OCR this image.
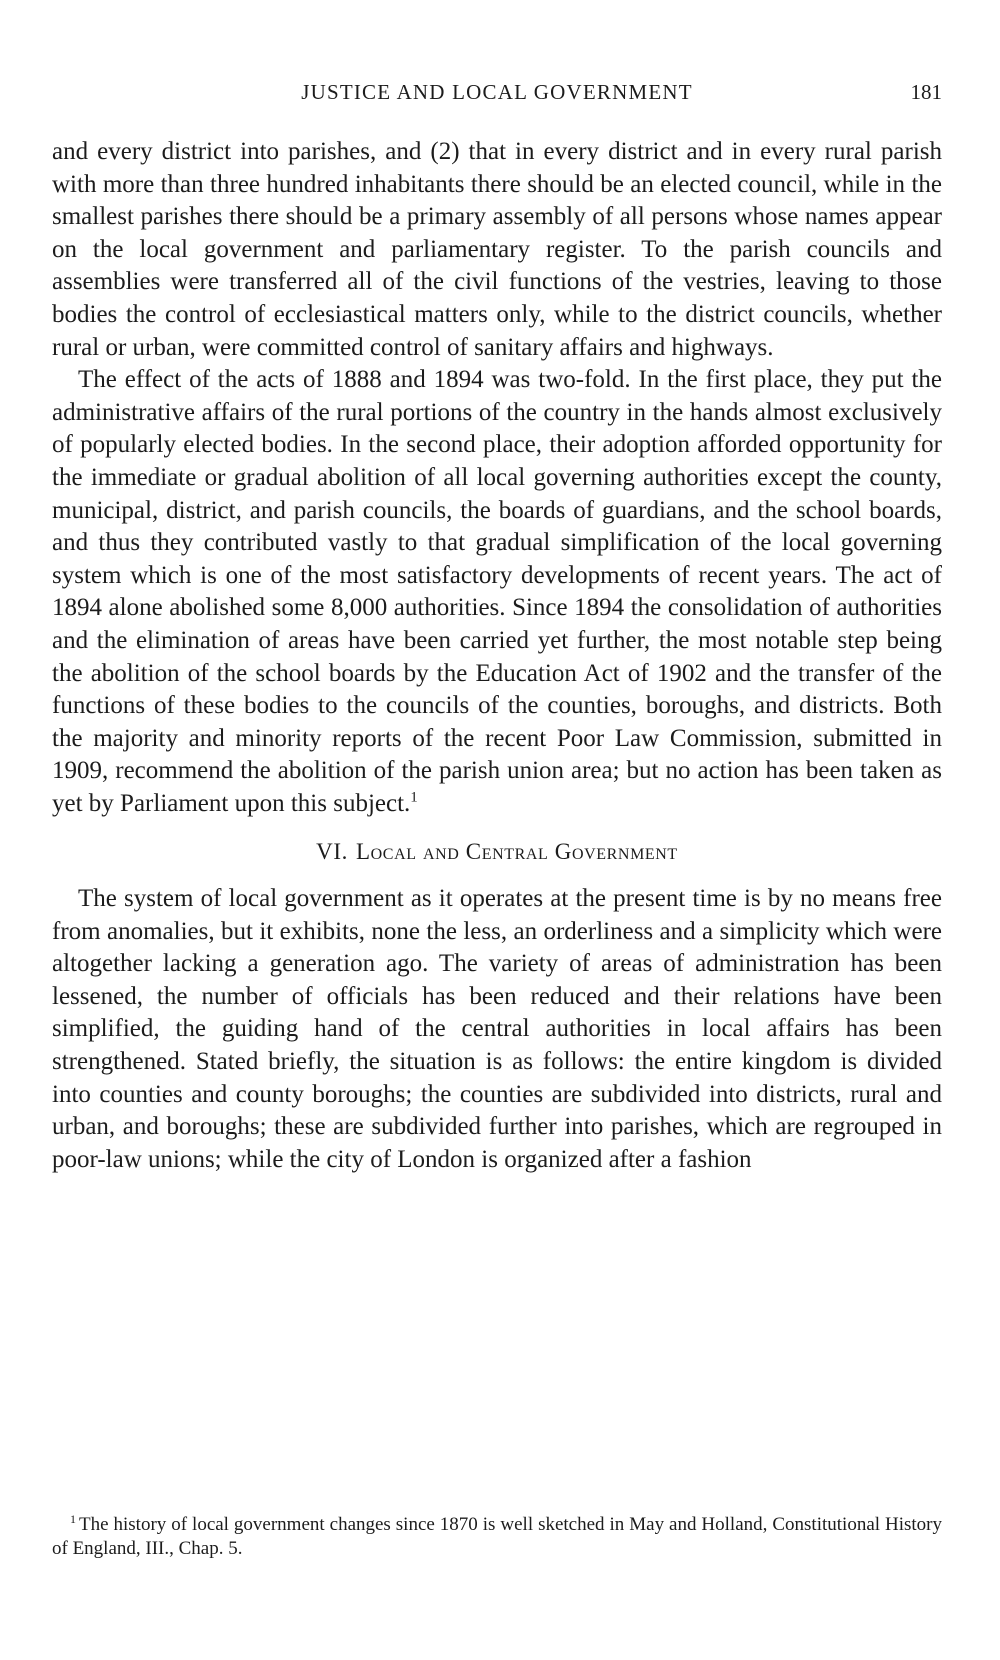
JUSTICE AND LOCAL GOVERNMENT	181

and every district into parishes, and (2) that in every district and in every rural parish with more than three hundred inhabitants there should be an elected council, while in the smallest parishes there should be a primary assembly of all persons whose names appear on the local government and parliamentary register. To the parish councils and assemblies were transferred all of the civil functions of the vestries, leaving to those bodies the control of ecclesiastical matters only, while to the district councils, whether rural or urban, were committed control of sanitary affairs and highways.

The effect of the acts of 1888 and 1894 was two-fold. In the first place, they put the administrative affairs of the rural portions of the country in the hands almost exclusively of popularly elected bodies. In the second place, their adoption afforded opportunity for the immediate or gradual abolition of all local governing authorities except the county, municipal, district, and parish councils, the boards of guardians, and the school boards, and thus they contributed vastly to that gradual simplification of the local governing system which is one of the most satisfactory developments of recent years. The act of 1894 alone abolished some 8,000 authorities. Since 1894 the consolidation of authorities and the elimination of areas have been carried yet further, the most notable step being the abolition of the school boards by the Education Act of 1902 and the transfer of the functions of these bodies to the councils of the counties, boroughs, and districts. Both the majority and minority reports of the recent Poor Law Commission, submitted in 1909, recommend the abolition of the parish union area; but no action has been taken as yet by Parliament upon this subject.$^1$

VI. Local and Central Government

The system of local government as it operates at the present time is by no means free from anomalies, but it exhibits, none the less, an orderliness and a simplicity which were altogether lacking a generation ago. The variety of areas of administration has been lessened, the number of officials has been reduced and their relations have been simplified, the guiding hand of the central authorities in local affairs has been strengthened. Stated briefly, the situation is as follows: the entire kingdom is divided into counties and county boroughs; the counties are subdivided into districts, rural and urban, and boroughs; these are subdivided further into parishes, which are regrouped in poor-law unions; while the city of London is organized after a fashion

$^1$ The history of local government changes since 1870 is well sketched in May and Holland, Constitutional History of England, III., Chap. 5.
